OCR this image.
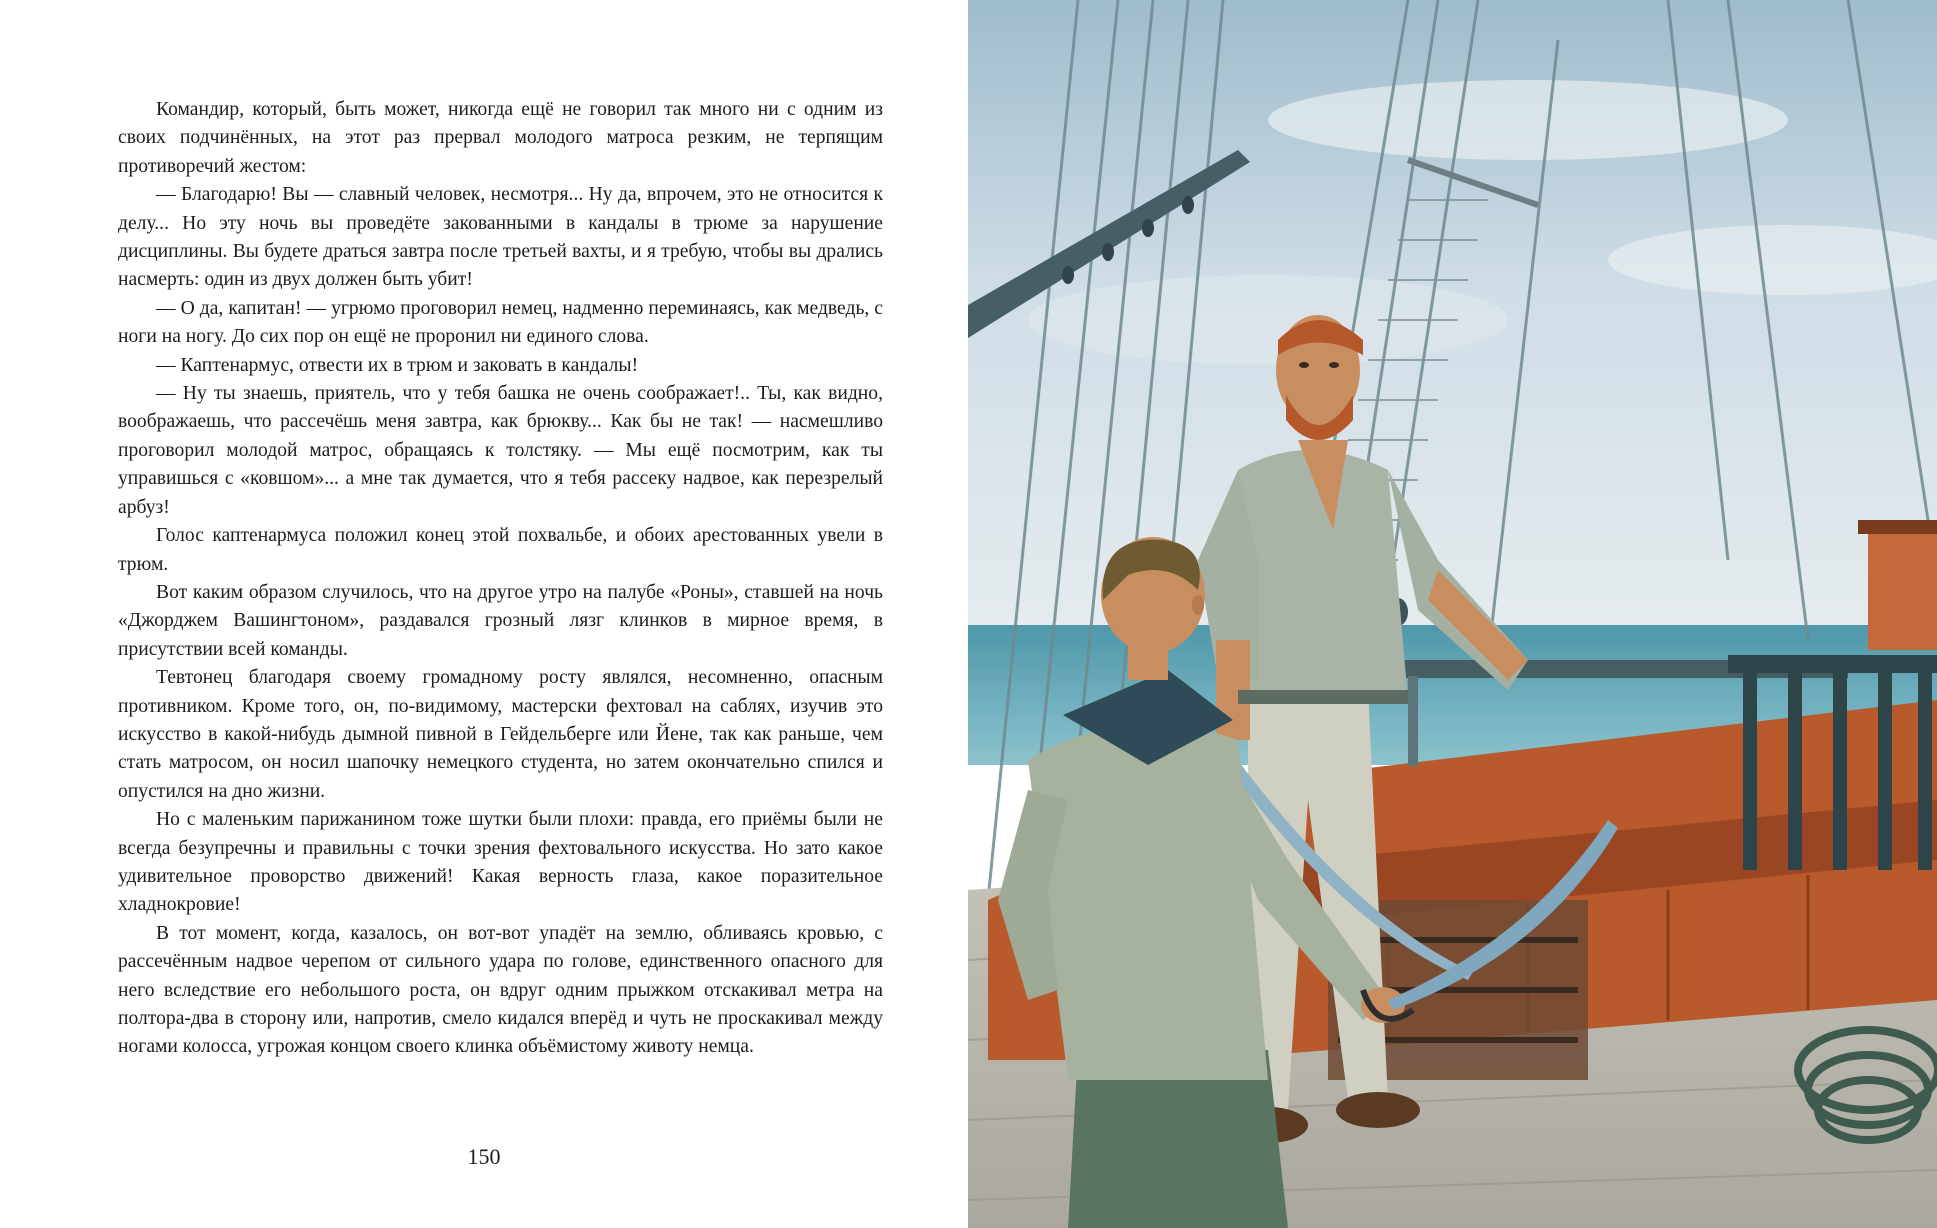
Командир, который, быть может, никогда ещё не говорил так много ни с одним из своих подчинённых, на этот раз прервал молодого матроса резким, не терпящим противоречий жестом:

— Благодарю! Вы — славный человек, несмотря... Ну да, впрочем, это не относится к делу... Но эту ночь вы проведёте закованными в кандалы в трюме за нарушение дисциплины. Вы будете драться завтра после третьей вахты, и я требую, чтобы вы дрались насмерть: один из двух должен быть убит!

— О да, капитан! — угрюмо проговорил немец, надменно переминаясь, как медведь, с ноги на ногу. До сих пор он ещё не проронил ни единого слова.

— Каптенармус, отвести их в трюм и заковать в кандалы!

— Ну ты знаешь, приятель, что у тебя башка не очень соображает!.. Ты, как видно, воображаешь, что рассечёшь меня завтра, как брюкву... Как бы не так! — насмешливо проговорил молодой матрос, обращаясь к толстяку. — Мы ещё посмотрим, как ты управишься с «ковшом»... а мне так думается, что я тебя рассеку надвое, как перезрелый арбуз!

Голос каптенармуса положил конец этой похвальбе, и обоих арестованных увели в трюм.

Вот каким образом случилось, что на другое утро на палубе «Роны», ставшей на ночь «Джорджем Вашингтоном», раздавался грозный лязг клинков в мирное время, в присутствии всей команды.

Тевтонец благодаря своему громадному росту являлся, несомненно, опасным противником. Кроме того, он, по-видимому, мастерски фехтовал на саблях, изучив это искусство в какой-нибудь дымной пивной в Гейдельберге или Йене, так как раньше, чем стать матросом, он носил шапочку немецкого студента, но затем окончательно спился и опустился на дно жизни.

Но с маленьким парижанином тоже шутки были плохи: правда, его приёмы были не всегда безупречны и правильны с точки зрения фехтовального искусства. Но зато какое удивительное проворство движений! Какая верность глаза, какое поразительное хладнокровие!

В тот момент, когда, казалось, он вот-вот упадёт на землю, обливаясь кровью, с рассечённым надвое черепом от сильного удара по голове, единственного опасного для него вследствие его небольшого роста, он вдруг одним прыжком отскакивал метра на полтора-два в сторону или, напротив, смело кидался вперёд и чуть не проскакивал между ногами колосса, угрожая концом своего клинка объёмистому животу немца.

150
